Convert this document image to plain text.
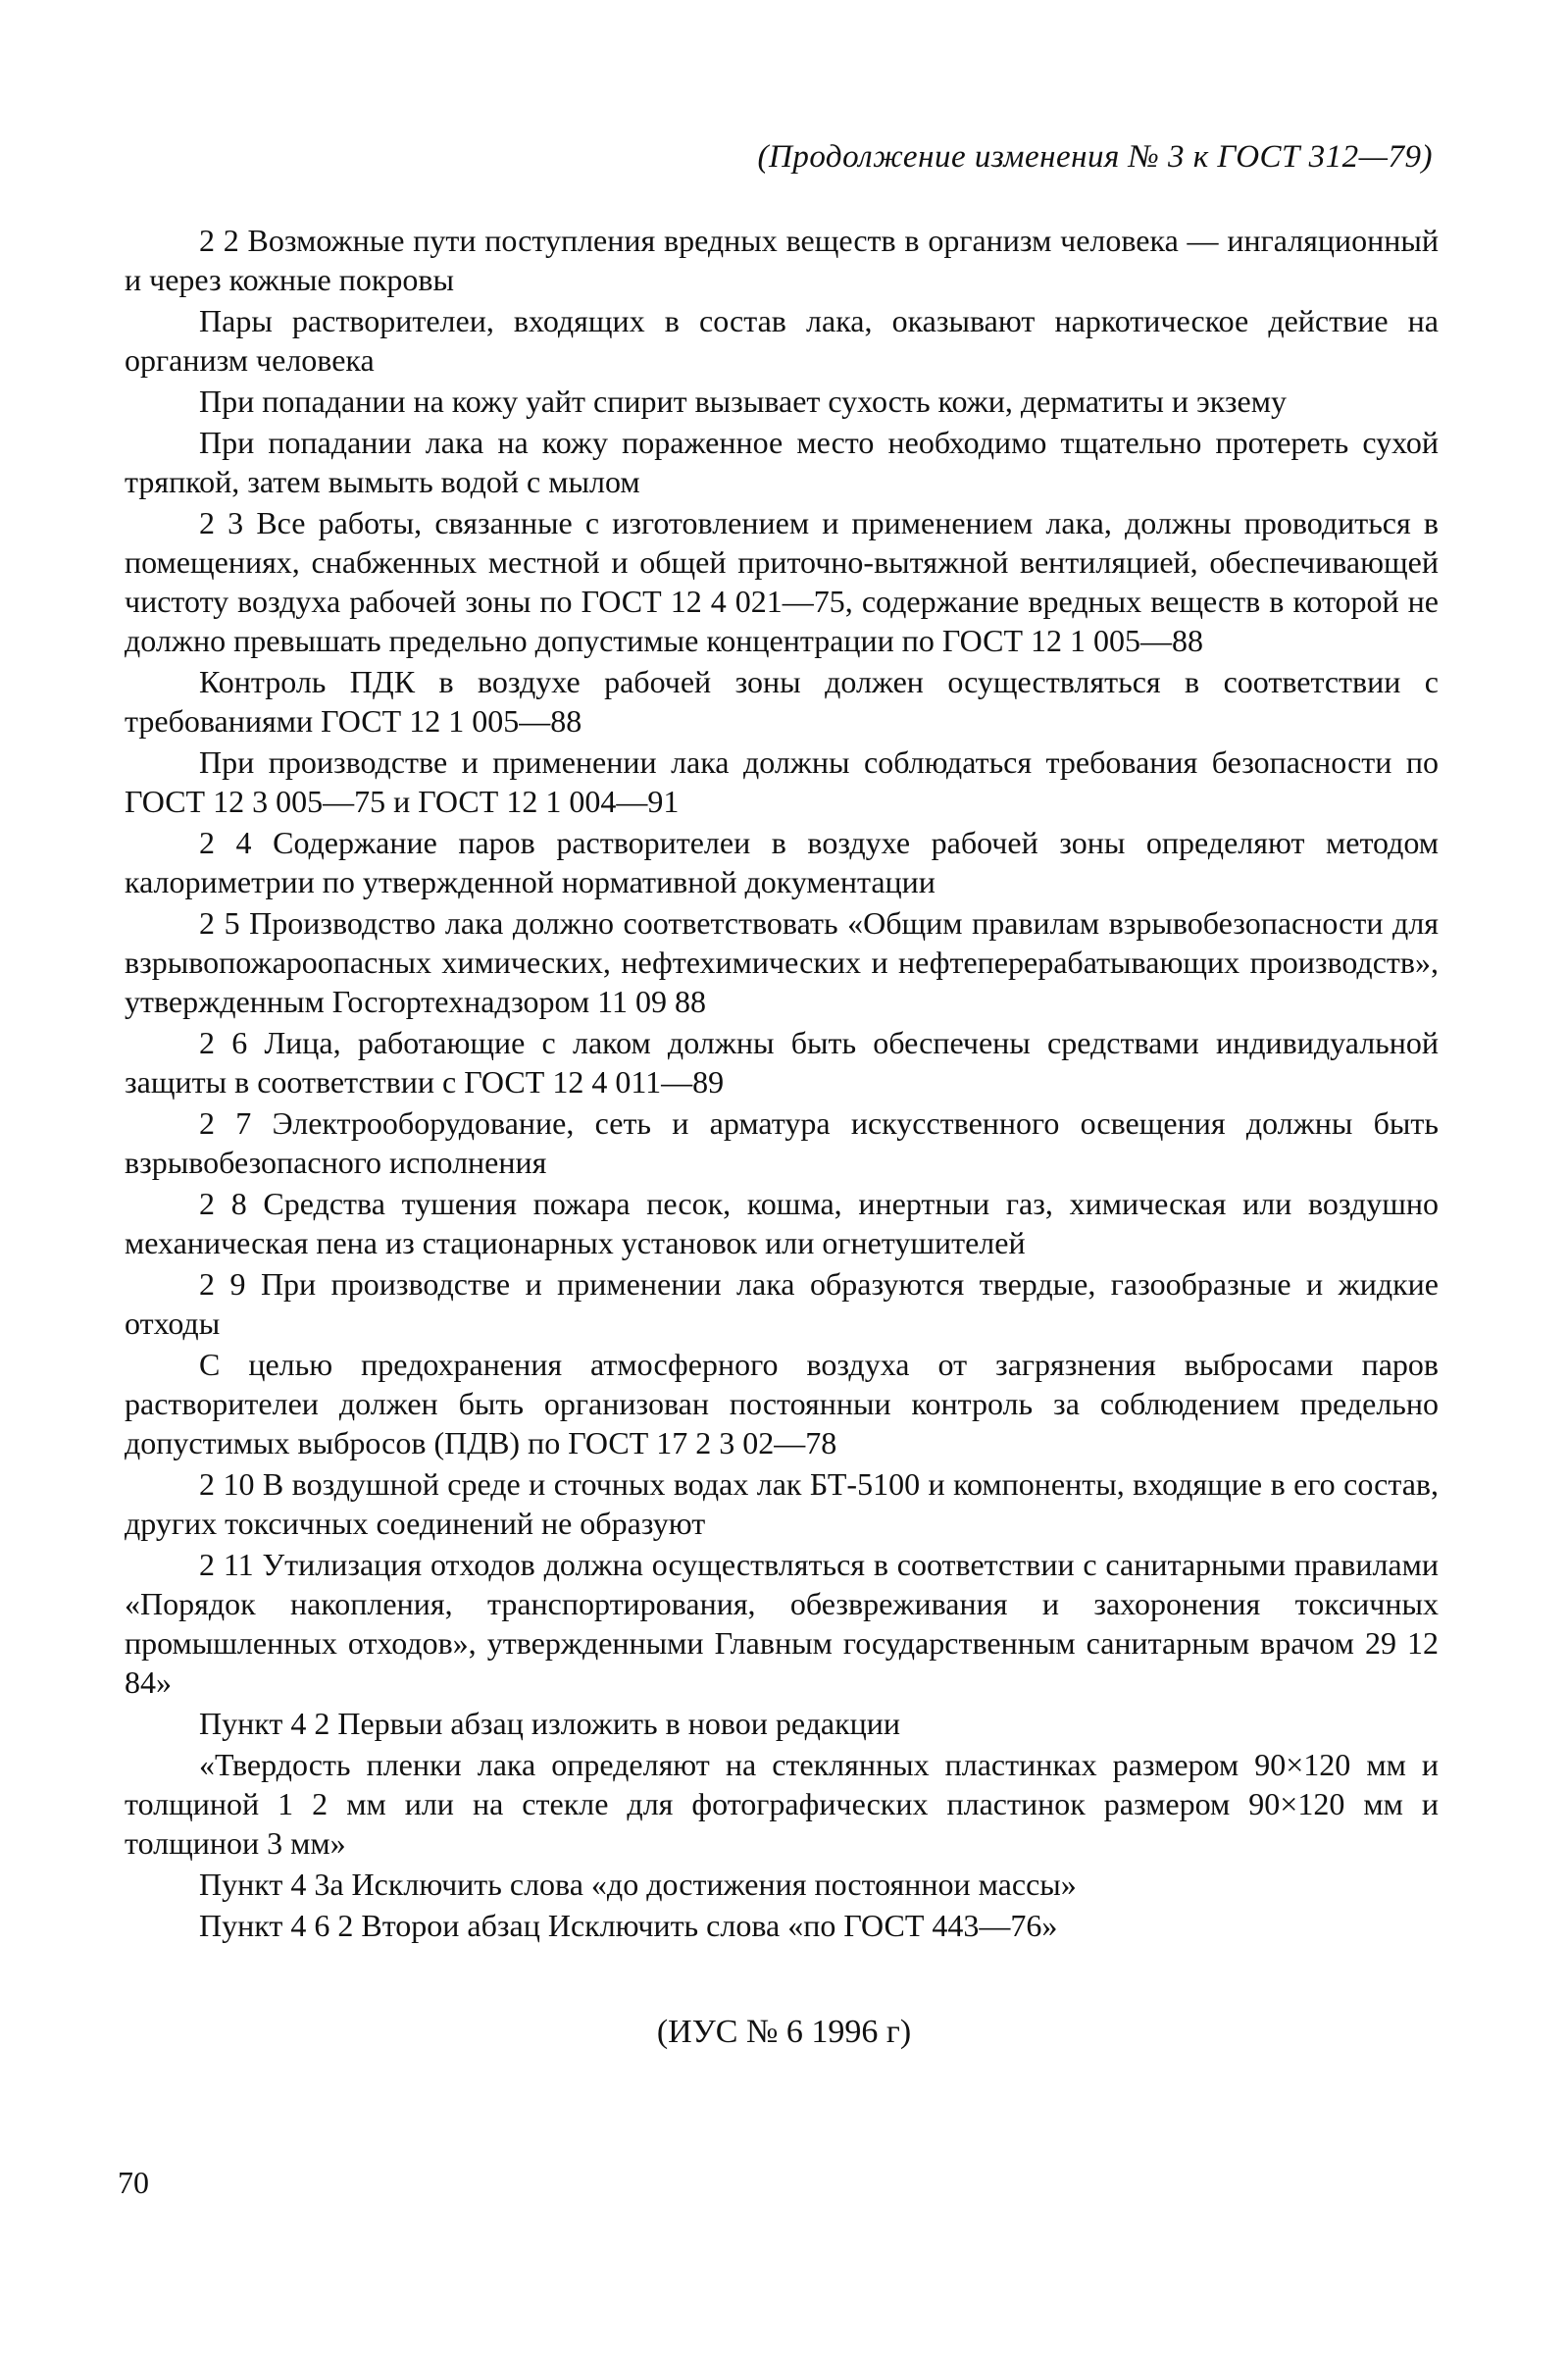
(Продолжение изменения № 3 к ГОСТ 312—79)

2 2 Возможные пути поступления вредных веществ в организм человека — ингаляционный и через кожные покровы

Пары растворителеи, входящих в состав лака, оказывают наркотическое действие на организм человека

При попадании на кожу уайт спирит вызывает сухость кожи, дерматиты и экзему

При попадании лака на кожу пораженное место необходимо тщательно протереть сухой тряпкой, затем вымыть водой с мылом

2 3 Все работы, связанные с изготовлением и применением лака, должны проводиться в помещениях, снабженных местной и общей приточно-вытяжной вентиляцией, обеспечивающей чистоту воздуха рабочей зоны по ГОСТ 12 4 021—75, содержание вредных веществ в которой не должно превышать предельно допустимые концентрации по ГОСТ 12 1 005—88

Контроль ПДК в воздухе рабочей зоны должен осуществляться в соответствии с требованиями ГОСТ 12 1 005—88

При производстве и применении лака должны соблюдаться требования безопасности по ГОСТ 12 3 005—75 и ГОСТ 12 1 004—91

2 4 Содержание паров растворителеи в воздухе рабочей зоны определяют методом калориметрии по утвержденной нормативной документации

2 5 Производство лака должно соответствовать «Общим правилам взрывобезопасности для взрывопожароопасных химических, нефтехимических и нефтеперерабатывающих производств», утвержденным Госгортехнадзором 11 09 88

2 6 Лица, работающие с лаком должны быть обеспечены средствами индивидуальной защиты в соответствии с ГОСТ 12 4 011—89

2 7 Электрооборудование, сеть и арматура искусственного освещения должны быть взрывобезопасного исполнения

2 8 Средства тушения пожара песок, кошма, инертныи газ, химическая или воздушно механическая пена из стационарных установок или огнетушителей

2 9 При производстве и применении лака образуются твердые, газообразные и жидкие отходы

С целью предохранения атмосферного воздуха от загрязнения выбросами паров растворителеи должен быть организован постоянныи контроль за соблюдением предельно допустимых выбросов (ПДВ) по ГОСТ 17 2 3 02—78

2 10 В воздушной среде и сточных водах лак БТ-5100 и компоненты, входящие в его состав, других токсичных соединений не образуют

2 11 Утилизация отходов должна осуществляться в соответствии с санитарными правилами «Порядок накопления, транспортирования, обезвреживания и захоронения токсичных промышленных отходов», утвержденными Главным государственным санитарным врачом 29 12 84»

Пункт 4 2 Первыи абзац изложить в новои редакции

«Твердость пленки лака определяют на стеклянных пластинках размером 90×120 мм и толщиной 1 2 мм или на стекле для фотографических пластинок размером 90×120 мм и толщинои 3 мм»

Пункт 4 3а Исключить слова «до достижения постояннои массы»

Пункт 4 6 2 Второи абзац Исключить слова «по ГОСТ 443—76»

(ИУС № 6 1996 г)
70
